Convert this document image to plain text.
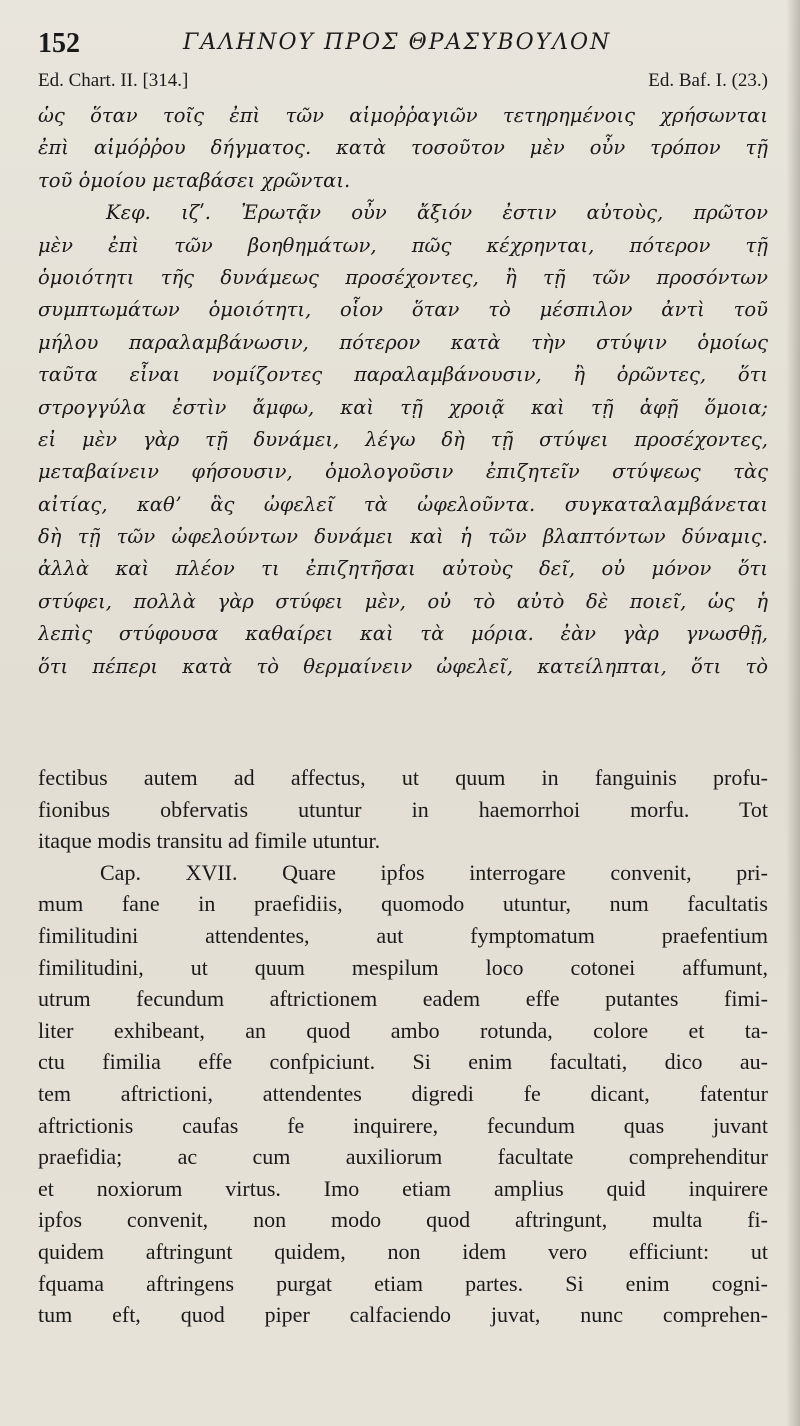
152	ΓΑΛΗΝΟΥ ΠΡΟΣ ΘΡΑΣΥΒΟΥΛΟΝ
Ed. Chart. II. [314.]	Ed. Baf. I. (23.)
ὡς ὅταν τοῖς ἐπὶ τῶν αἱμοῤῥαγιῶν τετηρημένοις χρήσωνται
ἐπὶ αἱμόῤῥου δήγματος. κατὰ τοσοῦτον μὲν οὖν τρόπον τῇ
τοῦ ὁμοίου μεταβάσει χρῶνται.
Κεφ. ιζʹ. Ἐρωτᾷν οὖν ἄξιόν ἐστιν αὐτοὺς, πρῶτον
μὲν ἐπὶ τῶν βοηθημάτων, πῶς κέχρηνται, πότερον τῇ
ὁμοιότητι τῆς δυνάμεως προσέχοντες, ἢ τῇ τῶν προσόντων
συμπτωμάτων ὁμοιότητι, οἷον ὅταν τὸ μέσπιλον ἀντὶ τοῦ
μήλου παραλαμβάνωσιν, πότερον κατὰ τὴν στύψιν ὁμοίως
ταῦτα εἶναι νομίζοντες παραλαμβάνουσιν, ἢ ὁρῶντες, ὅτι
στρογγύλα ἐστὶν ἄμφω, καὶ τῇ χροιᾷ καὶ τῇ ἁφῇ ὅμοια;
εἰ μὲν γὰρ τῇ δυνάμει, λέγω δὴ τῇ στύψει προσέχοντες,
μεταβαίνειν φήσουσιν, ὁμολογοῦσιν ἐπιζητεῖν στύψεως τὰς
αἰτίας, καθʼ ἃς ὠφελεῖ τὰ ὠφελοῦντα. συγκαταλαμβάνεται
δὴ τῇ τῶν ὠφελούντων δυνάμει καὶ ἡ τῶν βλαπτόντων δύναμις.
ἀλλὰ καὶ πλέον τι ἐπιζητῆσαι αὐτοὺς δεῖ, οὐ μόνον ὅτι
στύφει, πολλὰ γὰρ στύφει μὲν, οὐ τὸ αὐτὸ δὲ ποιεῖ, ὡς ἡ
λεπὶς στύφουσα καθαίρει καὶ τὰ μόρια. ἐὰν γὰρ γνωσθῇ,
ὅτι πέπερι κατὰ τὸ θερμαίνειν ὠφελεῖ, κατείληπται, ὅτι τὸ
fectibus autem ad affectus, ut quum in fanguinis profu-
fionibus obfervatis utuntur in haemorrhoi morfu. Tot
itaque modis transitu ad fimile utuntur.
Cap. XVII. Quare ipfos interrogare convenit, pri-
mum fane in praefidiis, quomodo utuntur, num facultatis
fimilitudini attendentes, aut fymptomatum praefentium
fimilitudini, ut quum mespilum loco cotonei affumunt,
utrum fecundum aftrictionem eadem effe putantes fimi-
liter exhibeant, an quod ambo rotunda, colore et ta-
ctu fimilia effe confpiciunt. Si enim facultati, dico au-
tem aftrictioni, attendentes digredi fe dicant, fatentur
aftrictionis caufas fe inquirere, fecundum quas juvant
praefidia; ac cum auxiliorum facultate comprehenditur
et noxiorum virtus. Imo etiam amplius quid inquirere
ipfos convenit, non modo quod aftringunt, multa fi-
quidem aftringunt quidem, non idem vero efficiunt: ut
fquama aftringens purgat etiam partes. Si enim cogni-
tum eft, quod piper calfaciendo juvat, nunc comprehen-
